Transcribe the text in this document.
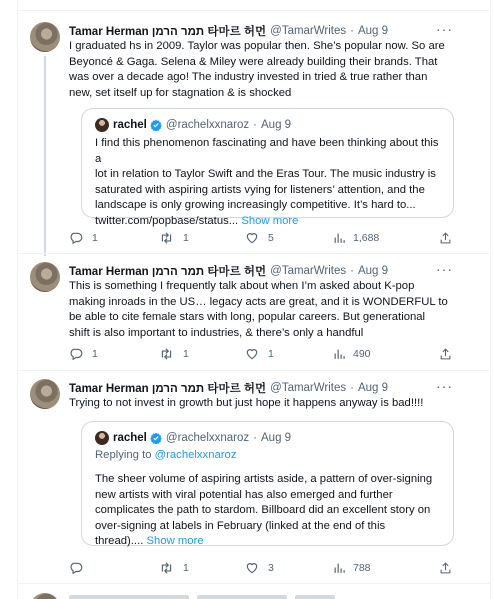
Tamar Herman תמר הרמן 타마르 허먼 @TamarWrites · Aug 9	···
I graduated hs in 2009. Taylor was popular then. She’s popular now. So are
Beyoncé & Gaga. Selena & Miley were already building their brands. That
was over a decade ago! The industry invested in tried & true rather than
new, set itself up for stagnation & is shocked
rachel @rachelxxnaroz · Aug 9
I find this phenomenon fascinating and have been thinking about this a
lot in relation to Taylor Swift and the Eras Tour. The music industry is
saturated with aspiring artists vying for listeners’ attention, and the
landscape is only growing increasingly competitive. It’s hard to...
twitter.com/popbase/status... Show more
1	1	5	1,688
Tamar Herman תמר הרמן 타마르 허먼 @TamarWrites · Aug 9	···
This is something I frequently talk about when I’m asked about K-pop
making inroads in the US… legacy acts are great, and it is WONDERFUL to
be able to cite female stars with long, popular careers. But generational
shift is also important to industries, & there’s only a handful
1	1	1	490
Tamar Herman תמר הרמן 타마르 허먼 @TamarWrites · Aug 9	···
Trying to not invest in growth but just hope it happens anyway is bad!!!!
rachel @rachelxxnaroz · Aug 9
Replying to @rachelxxnaroz
The sheer volume of aspiring artists aside, a pattern of over-signing
new artists with viral potential has also emerged and further
complicates the path to stardom. Billboard did an excellent story on
over-signing at labels in February (linked at the end of this
thread).... Show more
1	3	788
